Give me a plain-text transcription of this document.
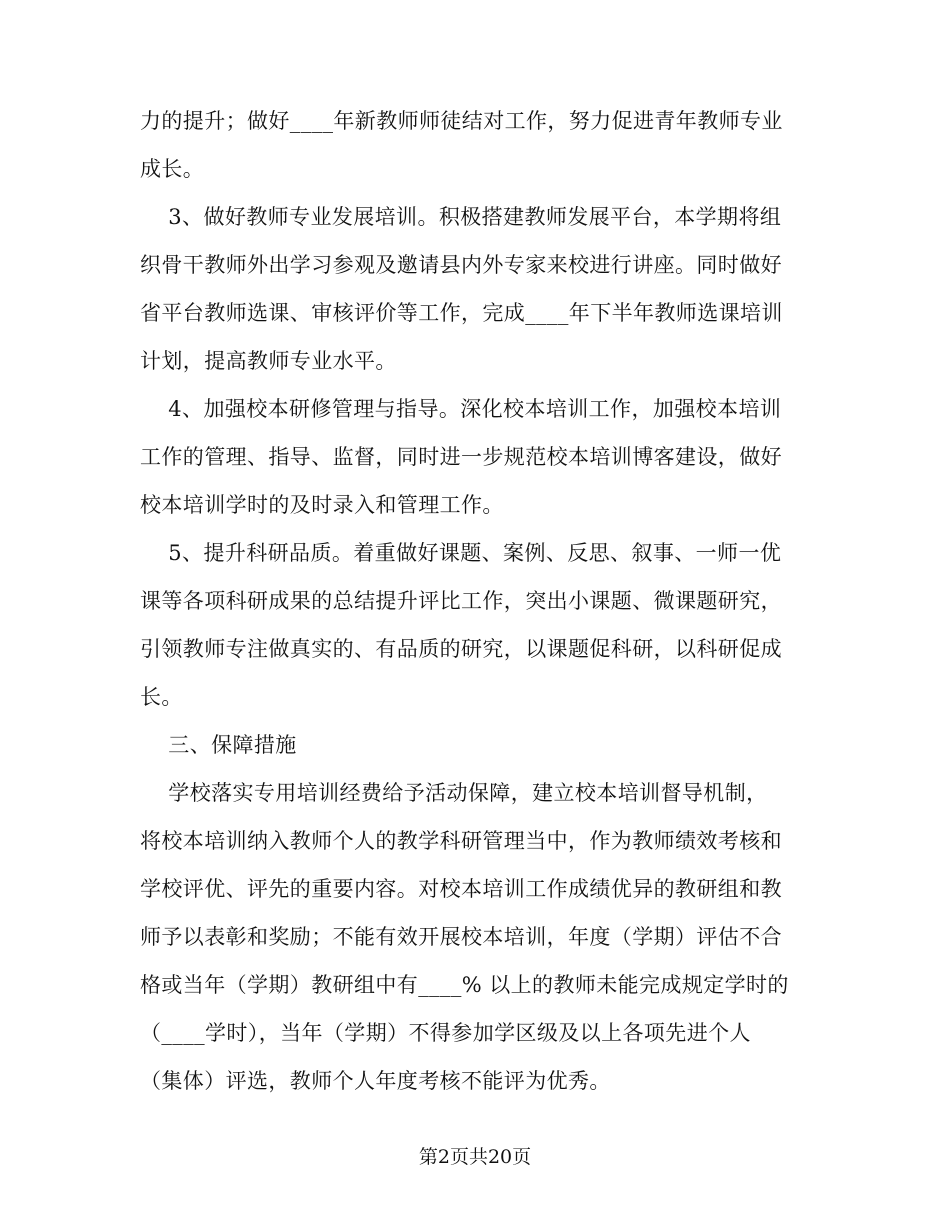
力的提升；做好____年新教师师徒结对工作，努力促进青年教师专业
成长。
3、做好教师专业发展培训。积极搭建教师发展平台，本学期将组
织骨干教师外出学习参观及邀请县内外专家来校进行讲座。同时做好
省平台教师选课、审核评价等工作，完成____年下半年教师选课培训
计划，提高教师专业水平。
4、加强校本研修管理与指导。深化校本培训工作，加强校本培训
工作的管理、指导、监督，同时进一步规范校本培训博客建设，做好
校本培训学时的及时录入和管理工作。
5、提升科研品质。着重做好课题、案例、反思、叙事、一师一优
课等各项科研成果的总结提升评比工作，突出小课题、微课题研究，
引领教师专注做真实的、有品质的研究，以课题促科研，以科研促成
长。
三、保障措施
学校落实专用培训经费给予活动保障，建立校本培训督导机制，
将校本培训纳入教师个人的教学科研管理当中，作为教师绩效考核和
学校评优、评先的重要内容。对校本培训工作成绩优异的教研组和教
师予以表彰和奖励；不能有效开展校本培训，年度（学期）评估不合
格或当年（学期）教研组中有____% 以上的教师未能完成规定学时的
（____学时），当年（学期）不得参加学区级及以上各项先进个人
（集体）评选，教师个人年度考核不能评为优秀。
第2页共20页
